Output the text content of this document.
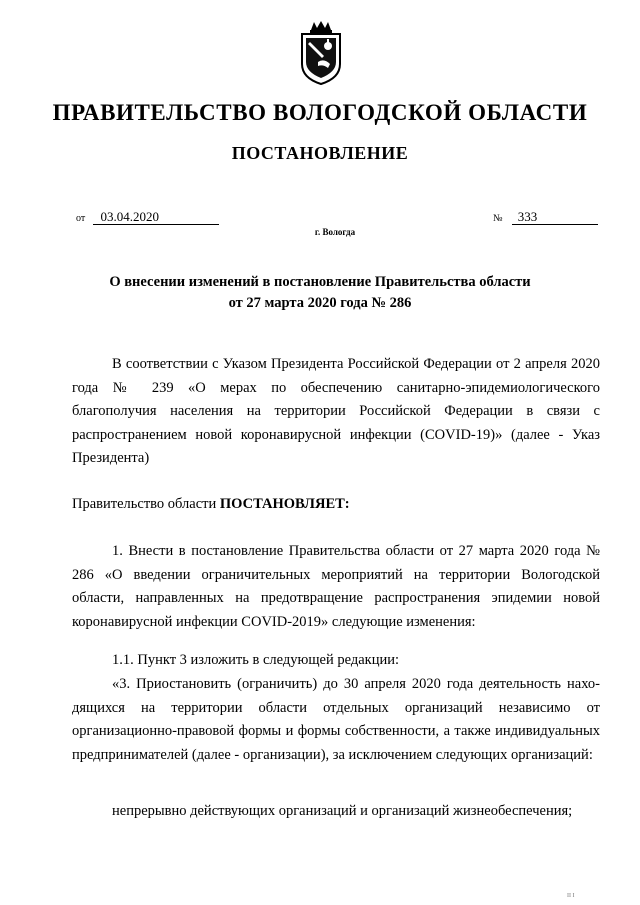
ПРАВИТЕЛЬСТВО ВОЛОГОДСКОЙ ОБЛАСТИ
ПОСТАНОВЛЕНИЕ
от 03.04.2020	№ 333
г. Вологда
О внесении изменений в постановление Правительства области
от 27 марта 2020 года № 286
В соответствии с Указом Президента Российской Федерации от 2 апреля 2020 года № 239 «О мерах по обеспечению санитарно-эпидемиологического благополучия населения на территории Российской Федерации в связи с распространением новой коронавирусной инфекции (COVID-19)» (далее - Указ Президента)
Правительство области ПОСТАНОВЛЯЕТ:
1. Внести в постановление Правительства области от 27 марта 2020 года № 286 «О введении ограничительных мероприятий на территории Вологодской области, направленных на предотвращение распространения эпидемии новой коронавирусной инфекции COVID-2019» следующие изменения:
1.1. Пункт 3 изложить в следующей редакции:
«3. Приостановить (ограничить) до 30 апреля 2020 года деятельность находящихся на территории области отдельных организаций независимо от организационно-правовой формы и формы собственности, а также индивидуальных предпринимателей (далее - организации), за исключением следующих организаций:
непрерывно действующих организаций и организаций жизнеобеспечения;
II I
